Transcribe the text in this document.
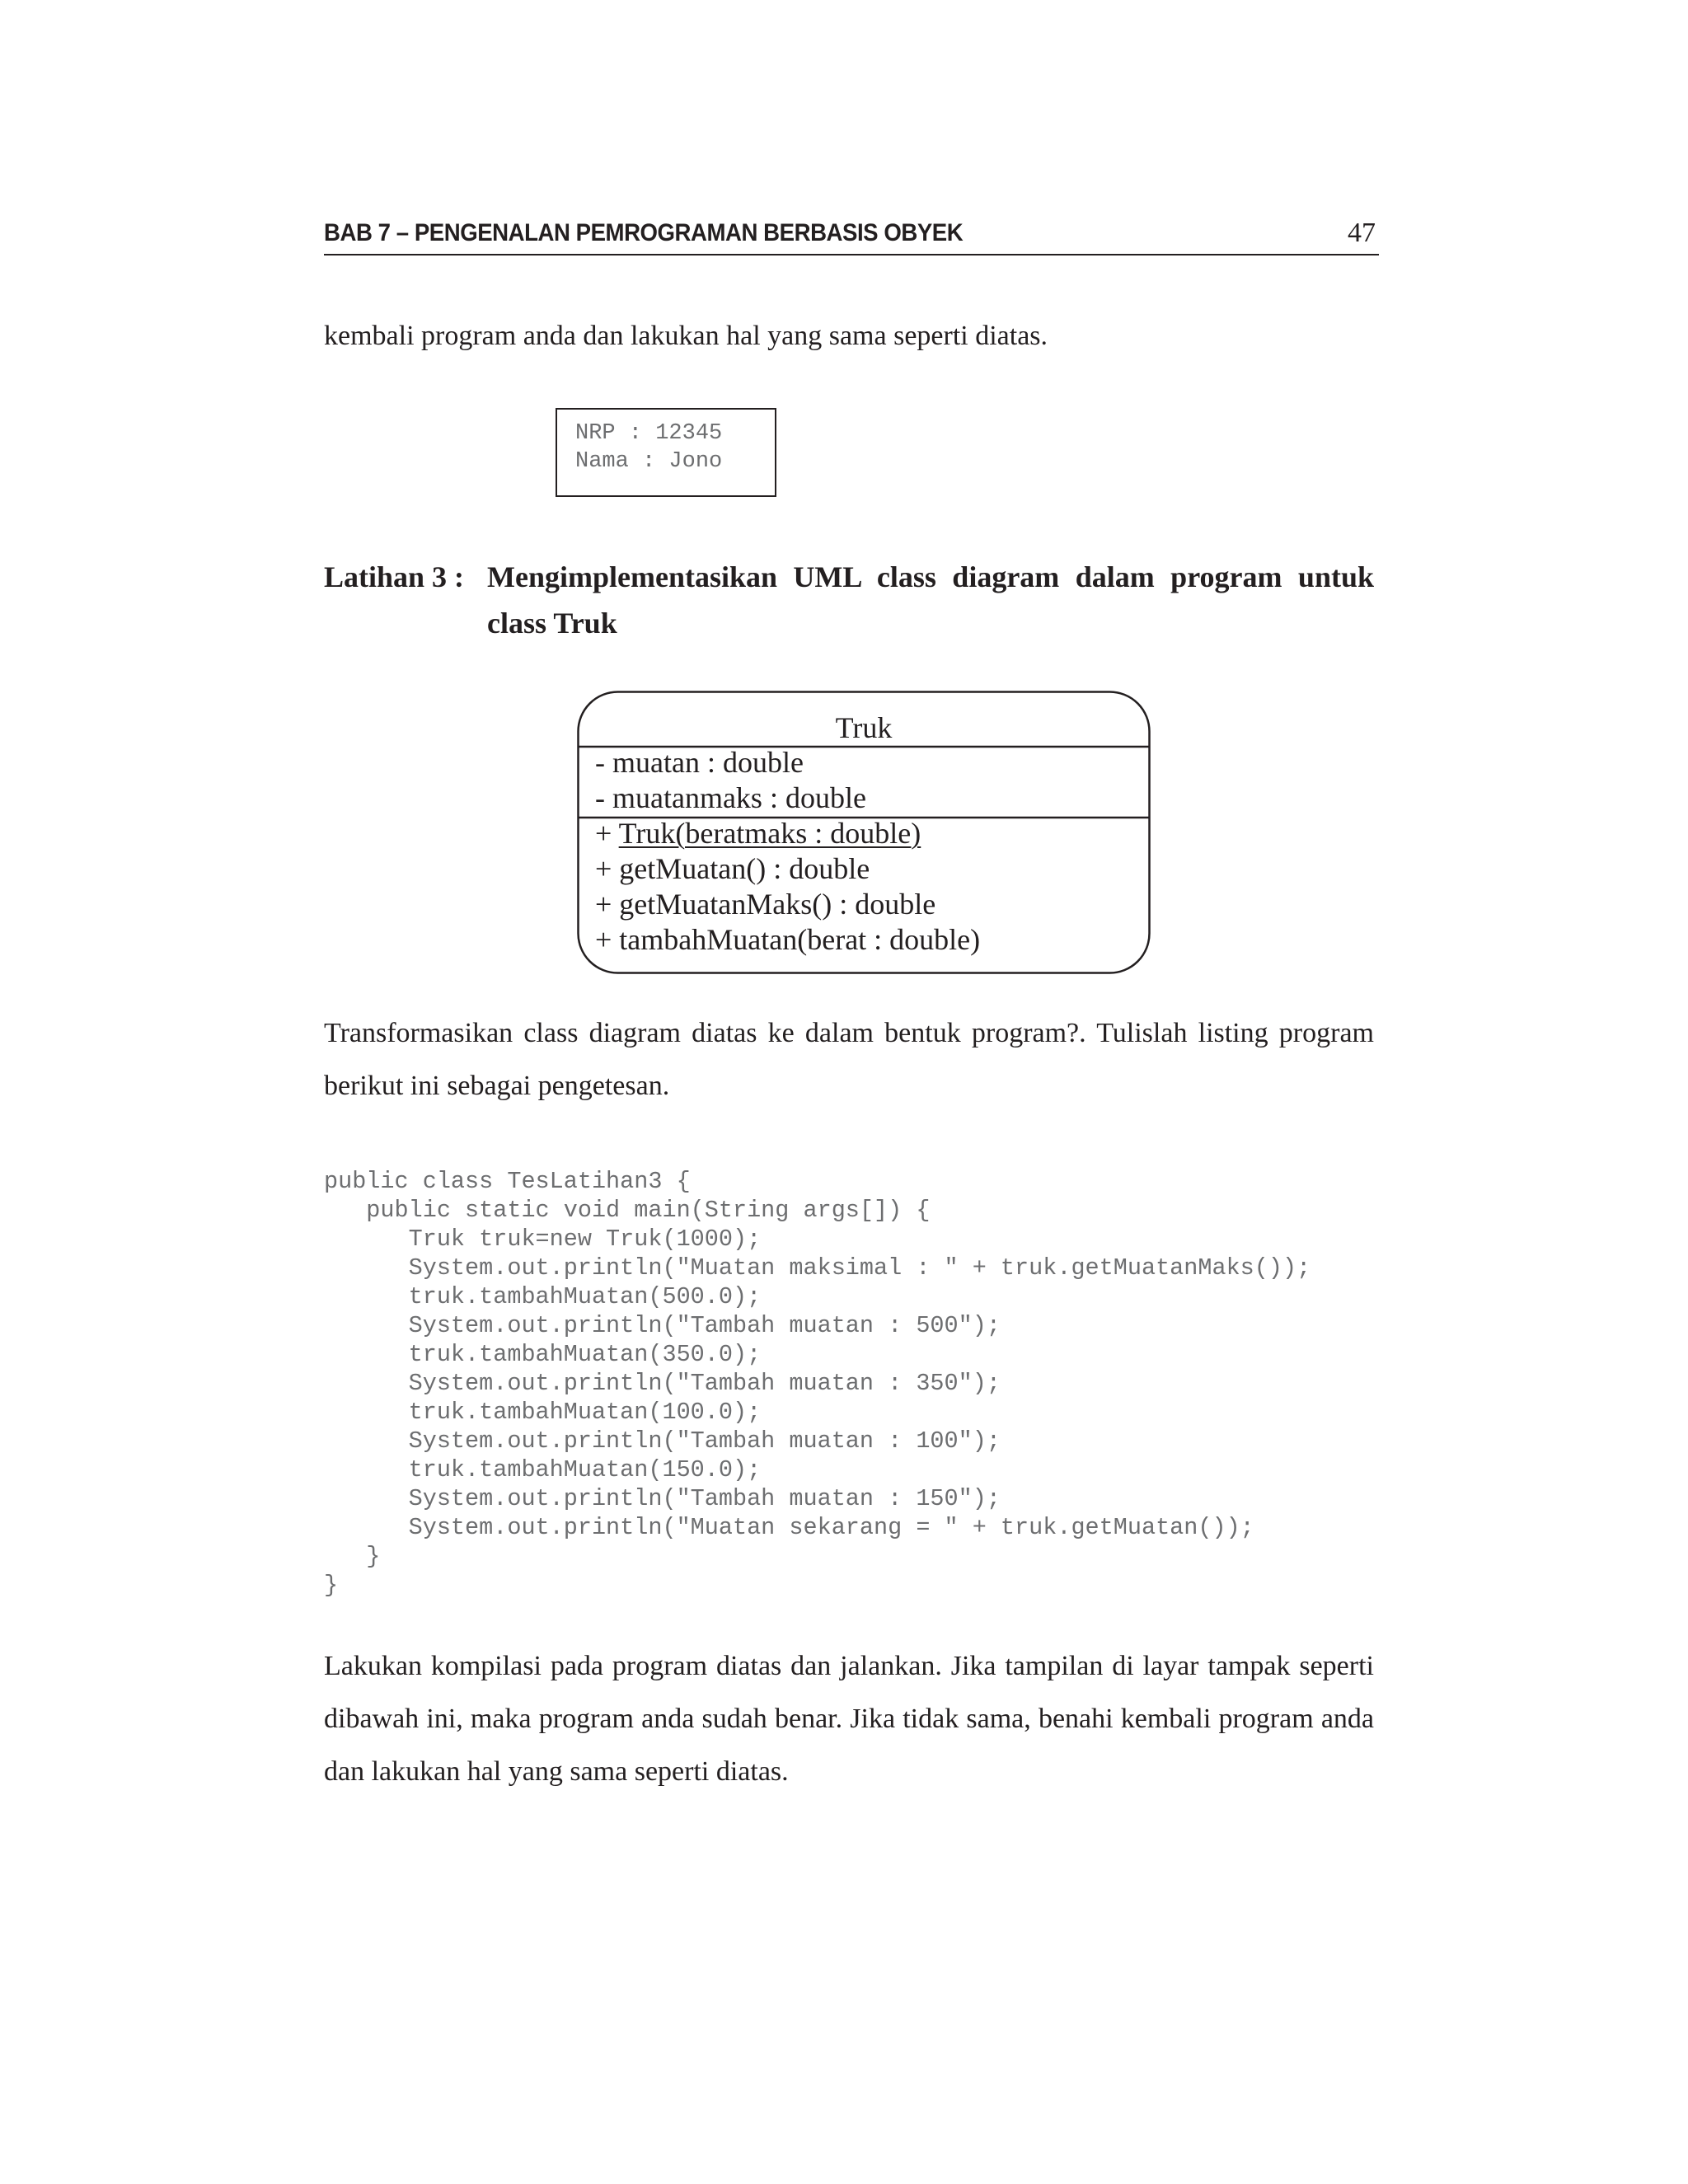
BAB 7 – PENGENALAN PEMROGRAMAN BERBASIS OBYEK	47

kembali program anda dan lakukan hal yang sama seperti diatas.

NRP : 12345
Nama : Jono
Latihan 3 : Mengimplementasikan UML class diagram dalam program untuk class Truk
Truk
- muatan : double
- muatanmaks : double
+ Truk(beratmaks : double)
+ getMuatan() : double
+ getMuatanMaks() : double
+ tambahMuatan(berat : double)

Transformasikan class diagram diatas ke dalam bentuk program?. Tulislah listing program berikut ini sebagai pengetesan.

public class TesLatihan3 {
public static void main(String args[]) {
Truk truk=new Truk(1000);
System.out.println("Muatan maksimal : " + truk.getMuatanMaks());
truk.tambahMuatan(500.0);
System.out.println("Tambah muatan : 500");
truk.tambahMuatan(350.0);
System.out.println("Tambah muatan : 350");
truk.tambahMuatan(100.0);
System.out.println("Tambah muatan : 100");
truk.tambahMuatan(150.0);
System.out.println("Tambah muatan : 150");
System.out.println("Muatan sekarang = " + truk.getMuatan());
}
}

Lakukan kompilasi pada program diatas dan jalankan. Jika tampilan di layar tampak seperti dibawah ini, maka program anda sudah benar. Jika tidak sama, benahi kembali program anda dan lakukan hal yang sama seperti diatas.
